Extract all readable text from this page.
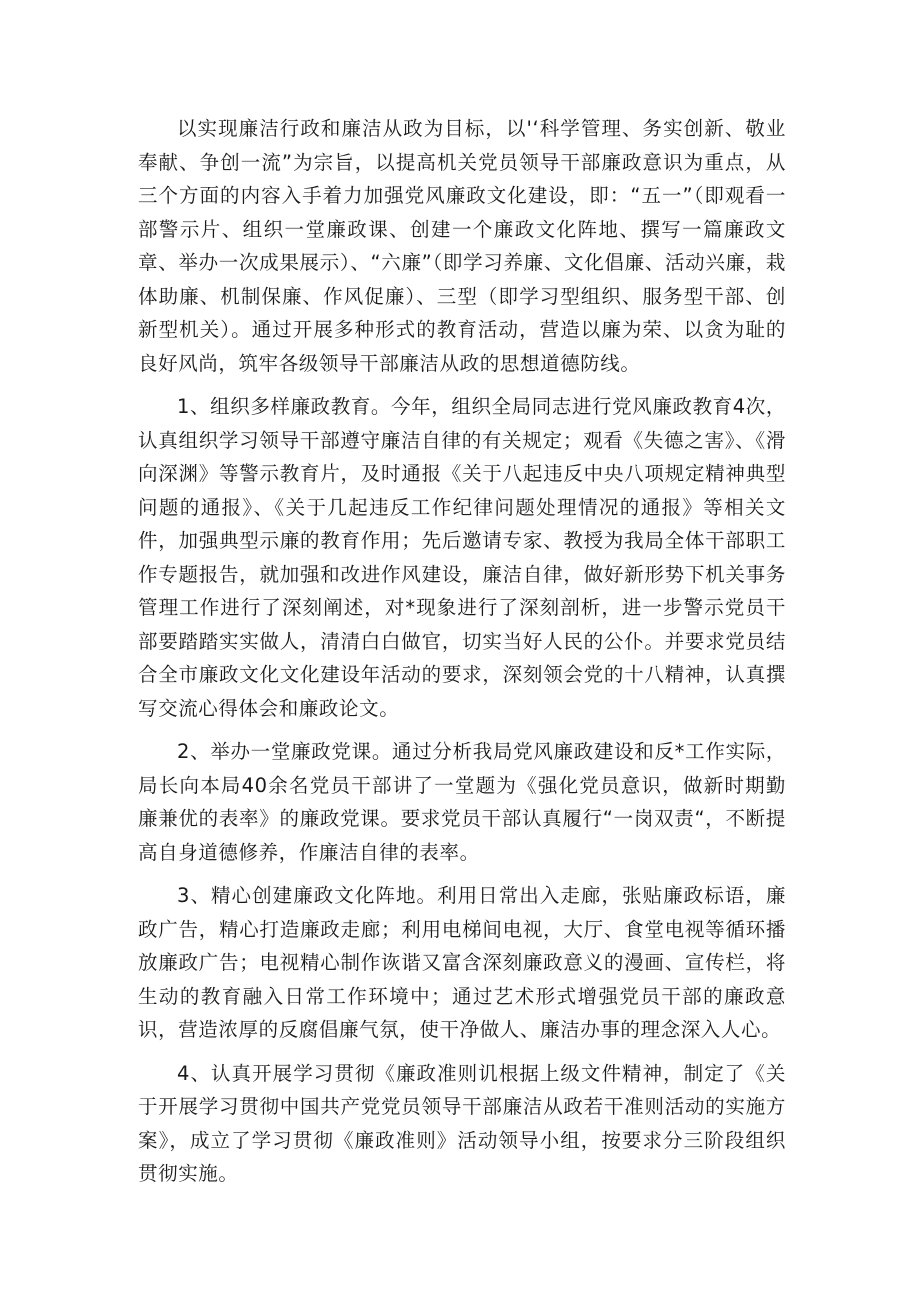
以实现廉洁行政和廉洁从政为目标，以'‘科学管理、务实创新、敬业奉献、争创一流”为宗旨，以提高机关党员领导干部廉政意识为重点，从三个方面的内容入手着力加强党风廉政文化建设，即：“五一”（即观看一部警示片、组织一堂廉政课、创建一个廉政文化阵地、撰写一篇廉政文章、举办一次成果展示）、“六廉”（即学习养廉、文化倡廉、活动兴廉，栽体助廉、机制保廉、作风促廉）、三型（即学习型组织、服务型干部、创新型机关）。通过开展多种形式的教育活动，营造以廉为荣、以贪为耻的良好风尚，筑牢各级领导干部廉洁从政的思想道德防线。

1、组织多样廉政教育。今年，组织全局同志进行党风廉政教育4次，认真组织学习领导干部遵守廉洁自律的有关规定；观看《失德之害》、《滑向深渊》等警示教育片，及时通报《关于八起违反中央八项规定精神典型问题的通报》、《关于几起违反工作纪律问题处理情况的通报》等相关文件，加强典型示廉的教育作用；先后邀请专家、教授为我局全体干部职工作专题报告，就加强和改进作风建设，廉洁自律，做好新形势下机关事务管理工作进行了深刻阐述，对*现象进行了深刻剖析，进一步警示党员干部要踏踏实实做人，清清白白做官，切实当好人民的公仆。并要求党员结合全市廉政文化文化建设年活动的要求，深刻领会党的十八精神，认真撰写交流心得体会和廉政论文。

2、举办一堂廉政党课。通过分析我局党风廉政建设和反*工作实际，局长向本局40余名党员干部讲了一堂题为《强化党员意识，做新时期勤廉兼优的表率》的廉政党课。要求党员干部认真履行“一岗双责“，不断提高自身道德修养，作廉洁自律的表率。

3、精心创建廉政文化阵地。利用日常出入走廊，张贴廉政标语，廉政广告，精心打造廉政走廊；利用电梯间电视，大厅、食堂电视等循环播放廉政广告；电视精心制作诙谐又富含深刻廉政意义的漫画、宣传栏，将生动的教育融入日常工作环境中；通过艺术形式增强党员干部的廉政意识，营造浓厚的反腐倡廉气氛，使干净做人、廉洁办事的理念深入人心。

4、认真开展学习贯彻《廉政准则讥根据上级文件精神，制定了《关于开展学习贯彻中国共产党党员领导干部廉洁从政若干准则活动的实施方案》，成立了学习贯彻《廉政准则》活动领导小组，按要求分三阶段组织贯彻实施。
